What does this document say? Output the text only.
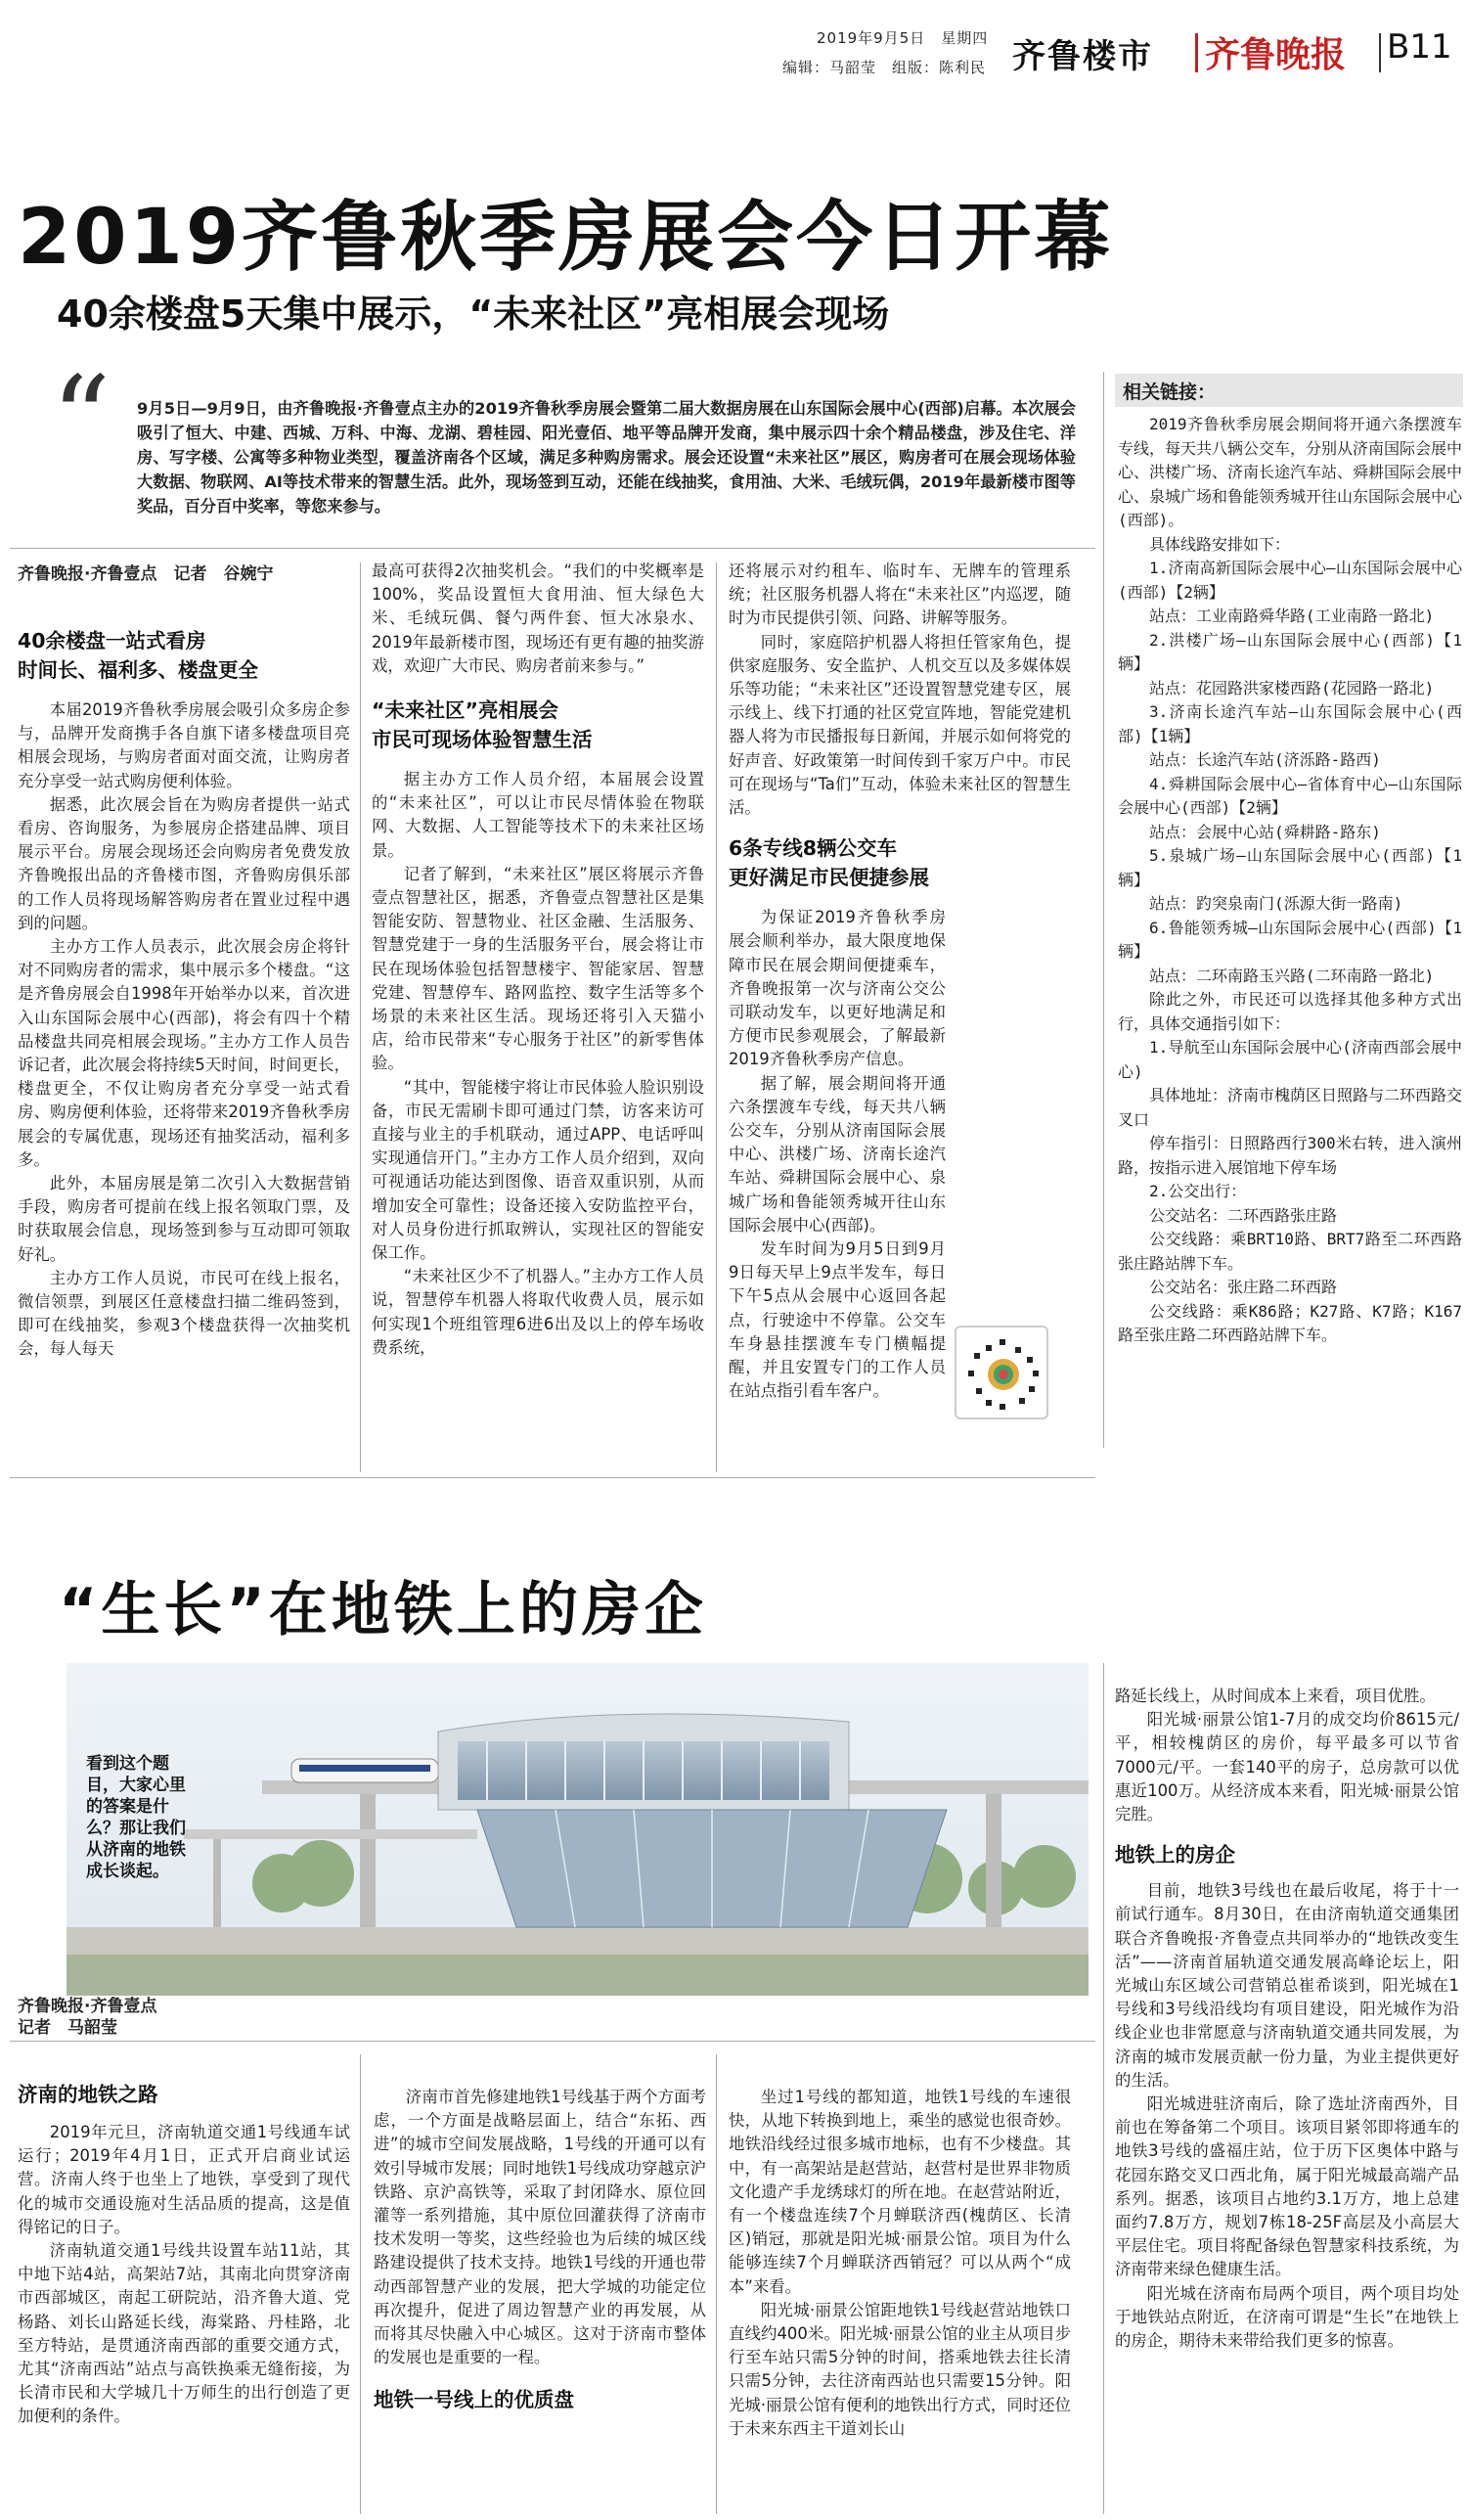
2019年9月5日　星期四
编辑：马韶莹　组版：陈利民 齐鲁楼市 齐鲁晚报 B11
2019齐鲁秋季房展会今日开幕
40余楼盘5天集中展示，“未来社区”亮相展会现场
“ 9月5日—9月9日，由齐鲁晚报·齐鲁壹点主办的2019齐鲁秋季房展会暨第二届大数据房展在山东国际会展中心(西部)启幕。本次展会吸引了恒大、中建、西城、万科、中海、龙湖、碧桂园、阳光壹佰、地平等品牌开发商，集中展示四十余个精品楼盘，涉及住宅、洋房、写字楼、公寓等多种物业类型，覆盖济南各个区域，满足多种购房需求。展会还设置“未来社区”展区，购房者可在展会现场体验大数据、物联网、AI等技术带来的智慧生活。此外，现场签到互动，还能在线抽奖，食用油、大米、毛绒玩偶，2019年最新楼市图等奖品，百分百中奖率，等您来参与。
相关链接：

2019齐鲁秋季房展会期间将开通六条摆渡车专线，每天共八辆公交车，分别从济南国际会展中心、洪楼广场、济南长途汽车站、舜耕国际会展中心、泉城广场和鲁能领秀城开往山东国际会展中心(西部)。

具体线路安排如下：

1.济南高新国际会展中心—山东国际会展中心(西部)【2辆】

站点：工业南路舜华路(工业南路一路北)

2.洪楼广场—山东国际会展中心(西部)【1辆】

站点：花园路洪家楼西路(花园路一路北)

3.济南长途汽车站—山东国际会展中心(西部)【1辆】

站点：长途汽车站(济泺路-路西)

4.舜耕国际会展中心—省体育中心—山东国际会展中心(西部)【2辆】

站点：会展中心站(舜耕路-路东)

5.泉城广场—山东国际会展中心(西部)【1辆】

站点：趵突泉南门(泺源大街一路南)

6.鲁能领秀城—山东国际会展中心(西部)【1辆】

站点：二环南路玉兴路(二环南路一路北)

除此之外，市民还可以选择其他多种方式出行，具体交通指引如下：

1.导航至山东国际会展中心(济南西部会展中心)

具体地址：济南市槐荫区日照路与二环西路交叉口

停车指引：日照路西行300米右转，进入演州路，按指示进入展馆地下停车场

2.公交出行：

公交站名：二环西路张庄路

公交线路：乘BRT10路、BRT7路至二环西路张庄路站牌下车。

公交站名：张庄路二环西路

公交线路：乘K86路；K27路、K7路；K167路至张庄路二环西路站牌下车。

齐鲁晚报·齐鲁壹点　记者　谷婉宁
40余楼盘一站式看房
时间长、福利多、楼盘更全

本届2019齐鲁秋季房展会吸引众多房企参与，品牌开发商携手各自旗下诸多楼盘项目亮相展会现场，与购房者面对面交流，让购房者充分享受一站式购房便利体验。

据悉，此次展会旨在为购房者提供一站式看房、咨询服务，为参展房企搭建品牌、项目展示平台。房展会现场还会向购房者免费发放齐鲁晚报出品的齐鲁楼市图，齐鲁购房俱乐部的工作人员将现场解答购房者在置业过程中遇到的问题。

主办方工作人员表示，此次展会房企将针对不同购房者的需求，集中展示多个楼盘。“这是齐鲁房展会自1998年开始举办以来，首次进入山东国际会展中心(西部)，将会有四十个精品楼盘共同亮相展会现场。”主办方工作人员告诉记者，此次展会将持续5天时间，时间更长，楼盘更全，不仅让购房者充分享受一站式看房、购房便利体验，还将带来2019齐鲁秋季房展会的专属优惠，现场还有抽奖活动，福利多多。

此外，本届房展是第二次引入大数据营销手段，购房者可提前在线上报名领取门票，及时获取展会信息，现场签到参与互动即可领取好礼。

主办方工作人员说，市民可在线上报名，微信领票，到展区任意楼盘扫描二维码签到，即可在线抽奖，参观3个楼盘获得一次抽奖机会，每人每天

最高可获得2次抽奖机会。“我们的中奖概率是100%，奖品设置恒大食用油、恒大绿色大米、毛绒玩偶、餐勺两件套、恒大冰泉水、2019年最新楼市图，现场还有更有趣的抽奖游戏，欢迎广大市民、购房者前来参与。”

“未来社区”亮相展会
市民可现场体验智慧生活

据主办方工作人员介绍，本届展会设置的“未来社区”，可以让市民尽情体验在物联网、大数据、人工智能等技术下的未来社区场景。

记者了解到，“未来社区”展区将展示齐鲁壹点智慧社区，据悉，齐鲁壹点智慧社区是集智能安防、智慧物业、社区金融、生活服务、智慧党建于一身的生活服务平台，展会将让市民在现场体验包括智慧楼宇、智能家居、智慧党建、智慧停车、路网监控、数字生活等多个场景的未来社区生活。现场还将引入天猫小店，给市民带来“专心服务于社区”的新零售体验。

“其中，智能楼宇将让市民体验人脸识别设备，市民无需刷卡即可通过门禁，访客来访可直接与业主的手机联动，通过APP、电话呼叫实现通信开门。”主办方工作人员介绍到，双向可视通话功能达到图像、语音双重识别，从而增加安全可靠性；设备还接入安防监控平台，对人员身份进行抓取辨认，实现社区的智能安保工作。

“未来社区少不了机器人。”主办方工作人员说，智慧停车机器人将取代收费人员，展示如何实现1个班组管理6进6出及以上的停车场收费系统，

还将展示对约租车、临时车、无牌车的管理系统；社区服务机器人将在“未来社区”内巡逻，随时为市民提供引领、问路、讲解等服务。

同时，家庭陪护机器人将担任管家角色，提供家庭服务、安全监护、人机交互以及多媒体娱乐等功能；“未来社区”还设置智慧党建专区，展示线上、线下打通的社区党宣阵地，智能党建机器人将为市民播报每日新闻，并展示如何将党的好声音、好政策第一时间传到千家万户中。市民可在现场与“Ta们”互动，体验未来社区的智慧生活。

6条专线8辆公交车
更好满足市民便捷参展

为保证2019齐鲁秋季房展会顺利举办，最大限度地保障市民在展会期间便捷乘车，齐鲁晚报第一次与济南公交公司联动发车，以更好地满足和方便市民参观展会，了解最新2019齐鲁秋季房产信息。

据了解，展会期间将开通六条摆渡车专线，每天共八辆公交车，分别从济南国际会展中心、洪楼广场、济南长途汽车站、舜耕国际会展中心、泉城广场和鲁能领秀城开往山东国际会展中心(西部)。

发车时间为9月5日到9月9日每天早上9点半发车，每日下午5点从会展中心返回各起点，行驶途中不停靠。公交车车身悬挂摆渡车专门横幅提醒，并且安置专门的工作人员在站点指引看车客户。

“生长”在地铁上的房企
看到这个题目，大家心里的答案是什么？那让我们从济南的地铁成长谈起。
齐鲁晚报·齐鲁壹点
记者　马韶莹
济南的地铁之路

2019年元旦，济南轨道交通1号线通车试运行；2019年4月1日，正式开启商业试运营。济南人终于也坐上了地铁，享受到了现代化的城市交通设施对生活品质的提高，这是值得铭记的日子。

济南轨道交通1号线共设置车站11站，其中地下站4站，高架站7站，其南北向贯穿济南市西部城区，南起工研院站，沿齐鲁大道、党杨路、刘长山路延长线，海棠路、丹桂路，北至方特站，是贯通济南西部的重要交通方式，尤其“济南西站”站点与高铁换乘无缝衔接，为长清市民和大学城几十万师生的出行创造了更加便利的条件。

济南市首先修建地铁1号线基于两个方面考虑，一个方面是战略层面上，结合“东拓、西进”的城市空间发展战略，1号线的开通可以有效引导城市发展；同时地铁1号线成功穿越京沪铁路、京沪高铁等，采取了封闭降水、原位回灌等一系列措施，其中原位回灌获得了济南市技术发明一等奖，这些经验也为后续的城区线路建设提供了技术支持。地铁1号线的开通也带动西部智慧产业的发展，把大学城的功能定位再次提升，促进了周边智慧产业的再发展，从而将其尽快融入中心城区。这对于济南市整体的发展也是重要的一程。

地铁一号线上的优质盘

坐过1号线的都知道，地铁1号线的车速很快，从地下转换到地上，乘坐的感觉也很奇妙。地铁沿线经过很多城市地标，也有不少楼盘。其中，有一高架站是赵营站，赵营村是世界非物质文化遗产手龙绣球灯的所在地。在赵营站附近，有一个楼盘连续7个月蝉联济西(槐荫区、长清区)销冠，那就是阳光城·丽景公馆。项目为什么能够连续7个月蝉联济西销冠？可以从两个“成本”来看。

阳光城·丽景公馆距地铁1号线赵营站地铁口直线约400米。阳光城·丽景公馆的业主从项目步行至车站只需5分钟的时间，搭乘地铁去往长清只需5分钟，去往济南西站也只需要15分钟。阳光城·丽景公馆有便利的地铁出行方式，同时还位于未来东西主干道刘长山

路延长线上，从时间成本上来看，项目优胜。

阳光城·丽景公馆1-7月的成交均价8615元/平，相较槐荫区的房价，每平最多可以节省7000元/平。一套140平的房子，总房款可以优惠近100万。从经济成本来看，阳光城·丽景公馆完胜。

地铁上的房企

目前，地铁3号线也在最后收尾，将于十一前试行通车。8月30日，在由济南轨道交通集团联合齐鲁晚报·齐鲁壹点共同举办的“地铁改变生活”——济南首届轨道交通发展高峰论坛上，阳光城山东区域公司营销总崔希谈到，阳光城在1号线和3号线沿线均有项目建设，阳光城作为沿线企业也非常愿意与济南轨道交通共同发展，为济南的城市发展贡献一份力量，为业主提供更好的生活。

阳光城进驻济南后，除了选址济南西外，目前也在筹备第二个项目。该项目紧邻即将通车的地铁3号线的盛福庄站，位于历下区奥体中路与花园东路交叉口西北角，属于阳光城最高端产品系列。据悉，该项目占地约3.1万方，地上总建面约7.8万方，规划7栋18-25F高层及小高层大平层住宅。项目将配备绿色智慧家科技系统，为济南带来绿色健康生活。

阳光城在济南布局两个项目，两个项目均处于地铁站点附近，在济南可谓是“生长”在地铁上的房企，期待未来带给我们更多的惊喜。
